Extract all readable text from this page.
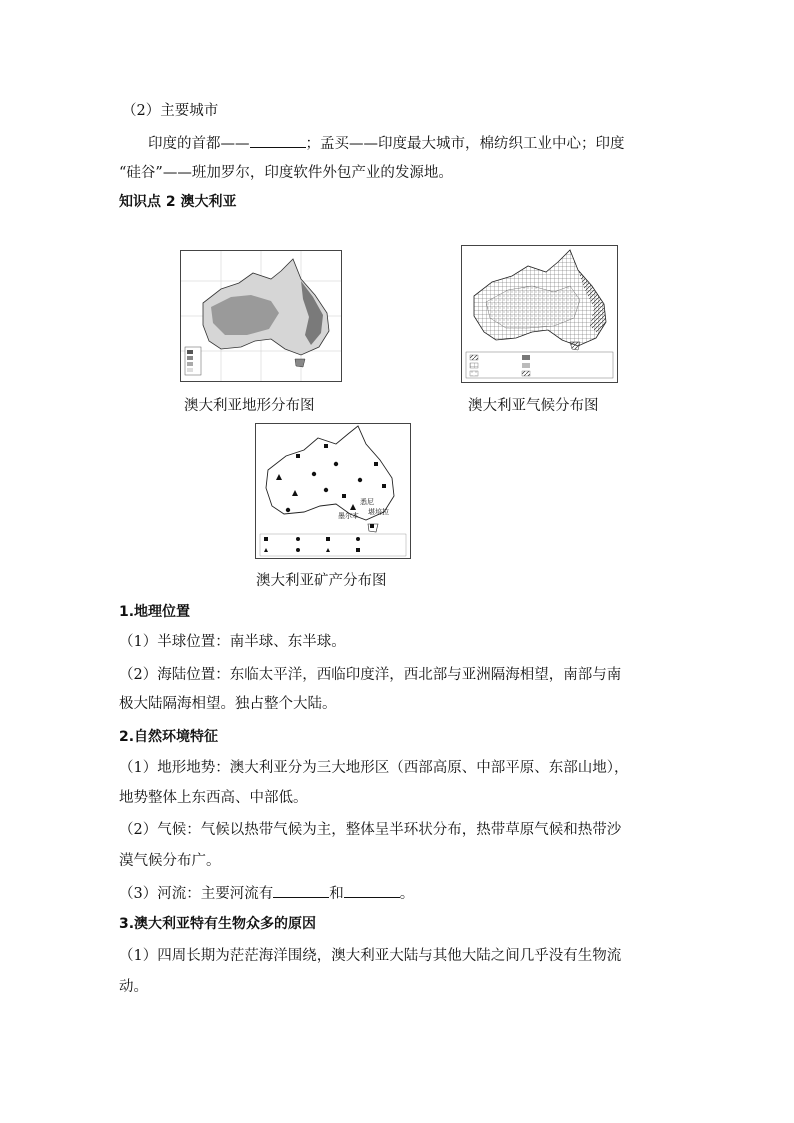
（2）主要城市
印度的首都——	；孟买——印度最大城市，棉纺织工业中心；印度
“硅谷”——班加罗尔，印度软件外包产业的发源地。
知识点 2 澳大利亚
澳大利亚地形分布图	澳大利亚气候分布图
悉尼
堪培拉
墨尔本
澳大利亚矿产分布图
1.地理位置
（1）半球位置：南半球、东半球。
（2）海陆位置：东临太平洋，西临印度洋，西北部与亚洲隔海相望，南部与南
极大陆隔海相望。独占整个大陆。
2.自然环境特征
（1）地形地势：澳大利亚分为三大地形区（西部高原、中部平原、东部山地），
地势整体上东西高、中部低。
（2）气候：气候以热带气候为主，整体呈半环状分布，热带草原气候和热带沙
漠气候分布广。
（3）河流：主要河流有	和	。
3.澳大利亚特有生物众多的原因
（1）四周长期为茫茫海洋围绕，澳大利亚大陆与其他大陆之间几乎没有生物流
动。
